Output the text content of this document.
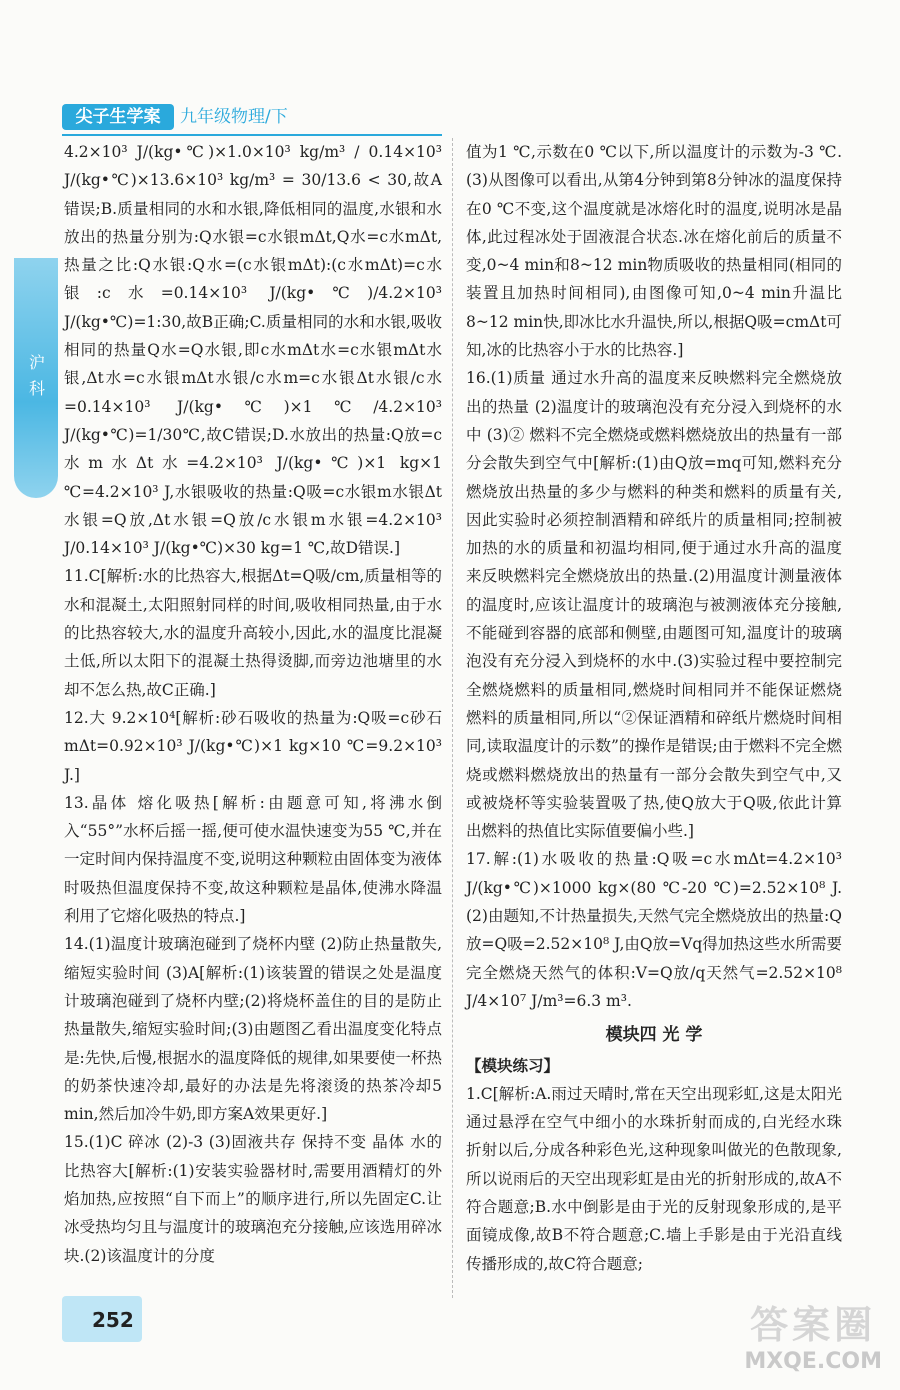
沪科
尖子生学案	九年级物理/下

4.2×10³ J/(kg•℃)×1.0×10³ kg/m³ / 0.14×10³ J/(kg•℃)×13.6×10³ kg/m³ = 30/13.6 < 30,故A错误;B.质量相同的水和水银,降低相同的温度,水银和水放出的热量分别为:Q水银=c水银mΔt,Q水=c水mΔt,热量之比:Q水银:Q水=(c水银mΔt):(c水mΔt)=c水银:c水=0.14×10³ J/(kg•℃)/4.2×10³ J/(kg•℃)=1:30,故B正确;C.质量相同的水和水银,吸收相同的热量Q水=Q水银,即c水mΔt水=c水银mΔt水银,Δt水=c水银mΔt水银/c水m=c水银Δt水银/c水=0.14×10³ J/(kg•℃)×1℃/4.2×10³ J/(kg•℃)=1/30℃,故C错误;D.水放出的热量:Q放=c水m水Δt水=4.2×10³ J/(kg•℃)×1 kg×1 ℃=4.2×10³ J,水银吸收的热量:Q吸=c水银m水银Δt水银=Q放,Δt水银=Q放/c水银m水银=4.2×10³ J/0.14×10³ J/(kg•℃)×30 kg=1 ℃,故D错误.]

11.C[解析:水的比热容大,根据Δt=Q吸/cm,质量相等的水和混凝土,太阳照射同样的时间,吸收相同热量,由于水的比热容较大,水的温度升高较小,因此,水的温度比混凝土低,所以太阳下的混凝土热得烫脚,而旁边池塘里的水却不怎么热,故C正确.]

12.大 9.2×10⁴[解析:砂石吸收的热量为:Q吸=c砂石mΔt=0.92×10³ J/(kg•℃)×1 kg×10 ℃=9.2×10³ J.]

13.晶体 熔化吸热[解析:由题意可知,将沸水倒入“55°”水杯后摇一摇,便可使水温快速变为55 ℃,并在一定时间内保持温度不变,说明这种颗粒由固体变为液体时吸热但温度保持不变,故这种颗粒是晶体,使沸水降温利用了它熔化吸热的特点.]

14.(1)温度计玻璃泡碰到了烧杯内壁 (2)防止热量散失,缩短实验时间 (3)A[解析:(1)该装置的错误之处是温度计玻璃泡碰到了烧杯内壁;(2)将烧杯盖住的目的是防止热量散失,缩短实验时间;(3)由题图乙看出温度变化特点是:先快,后慢,根据水的温度降低的规律,如果要使一杯热的奶茶快速冷却,最好的办法是先将滚烫的热茶冷却5 min,然后加冷牛奶,即方案A效果更好.]

15.(1)C 碎冰 (2)-3 (3)固液共存 保持不变 晶体 水的比热容大[解析:(1)安装实验器材时,需要用酒精灯的外焰加热,应按照“自下而上”的顺序进行,所以先固定C.让冰受热均匀且与温度计的玻璃泡充分接触,应该选用碎冰块.(2)该温度计的分度

值为1 ℃,示数在0 ℃以下,所以温度计的示数为-3 ℃.(3)从图像可以看出,从第4分钟到第8分钟冰的温度保持在0 ℃不变,这个温度就是冰熔化时的温度,说明冰是晶体,此过程冰处于固液混合状态.冰在熔化前后的质量不变,0~4 min和8~12 min物质吸收的热量相同(相同的装置且加热时间相同),由图像可知,0~4 min升温比8~12 min快,即冰比水升温快,所以,根据Q吸=cmΔt可知,冰的比热容小于水的比热容.]

16.(1)质量 通过水升高的温度来反映燃料完全燃烧放出的热量 (2)温度计的玻璃泡没有充分浸入到烧杯的水中 (3)② 燃料不完全燃烧或燃料燃烧放出的热量有一部分会散失到空气中[解析:(1)由Q放=mq可知,燃料充分燃烧放出热量的多少与燃料的种类和燃料的质量有关,因此实验时必须控制酒精和碎纸片的质量相同;控制被加热的水的质量和初温均相同,便于通过水升高的温度来反映燃料完全燃烧放出的热量.(2)用温度计测量液体的温度时,应该让温度计的玻璃泡与被测液体充分接触,不能碰到容器的底部和侧壁,由题图可知,温度计的玻璃泡没有充分浸入到烧杯的水中.(3)实验过程中要控制完全燃烧燃料的质量相同,燃烧时间相同并不能保证燃烧燃料的质量相同,所以“②保证酒精和碎纸片燃烧时间相同,读取温度计的示数”的操作是错误;由于燃料不完全燃烧或燃料燃烧放出的热量有一部分会散失到空气中,又或被烧杯等实验装置吸了热,使Q放大于Q吸,依此计算出燃料的热值比实际值要偏小些.]

17.解:(1)水吸收的热量:Q吸=c水mΔt=4.2×10³ J/(kg•℃)×1000 kg×(80 ℃-20 ℃)=2.52×10⁸ J. (2)由题知,不计热量损失,天然气完全燃烧放出的热量:Q放=Q吸=2.52×10⁸ J,由Q放=Vq得加热这些水所需要完全燃烧天然气的体积:V=Q放/q天然气=2.52×10⁸ J/4×10⁷ J/m³=6.3 m³.

模块四 光 学
【模块练习】

1.C[解析:A.雨过天晴时,常在天空出现彩虹,这是太阳光通过悬浮在空气中细小的水珠折射而成的,白光经水珠折射以后,分成各种彩色光,这种现象叫做光的色散现象,所以说雨后的天空出现彩虹是由光的折射形成的,故A不符合题意;B.水中倒影是由于光的反射现象形成的,是平面镜成像,故B不符合题意;C.墙上手影是由于光沿直线传播形成的,故C符合题意;

252	答案圈
MXQE.COM
